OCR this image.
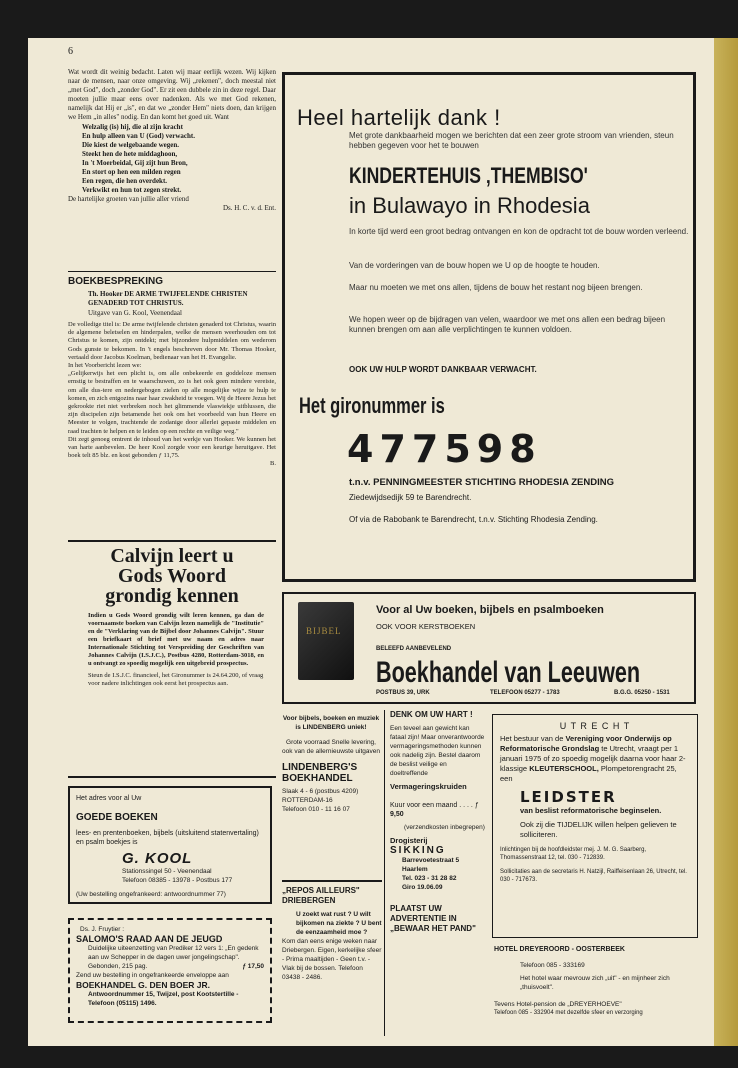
6
Wat wordt dit weinig bedacht. Laten wij maar eerlijk wezen. Wij kijken naar de mensen, naar onze omgeving. Wij „rekenen", doch meestal niet „met God", doch „zonder God". Er zit een dubbele zin in deze regel. Daar moeten jullie maar eens over nadenken. Als we met God rekenen, namelijk dat Hij er „is", en dat we „zonder Hem" niets doen, dan krijgen we Hem „in alles" nodig. En dan komt het goed uit. Want
Welzalig (is) hij, die al zijn kracht
En hulp alleen van U (God) verwacht.
Die kiest de welgebaande wegen.
Steekt hen de hete middaghoon,
In 't Moerbeidal, Gij zijt hun Bron,
En stort op hen een milden regen
Een regen, die hen overdekt.
Verkwikt en hun tot zegen strekt.
De hartelijke groeten van jullie aller vriend
Ds. H. C. v. d. Ent.
BOEKBESPREKING
Th. Hooker DE ARME TWIJFELENDE CHRISTEN GENADERD TOT CHRISTUS.
Uitgave van G. Kool, Veenendaal
De volledige titel is: De arme twijfelende christen genaderd tot Christus, waarin de algemene beletselen en hinderpalen, welke de mensen weerhouden om tot Christus te komen, zijn ontdekt; met bijzondere hulpmiddelen om wederom Gods gunste te bekomen. In 't engels beschreven door Mr. Thomas Hooker, vertaald door Jacobus Koelman, bedienaar van het H. Evangelie.
In het Voorbericht lezen we:
„Gelijkerwijs het een plicht is, om alle onbekeerde en goddeloze mensen ernstig te bestraffen en te waarschuwen, zo is het ook geen mindere vereiste, om alle dus-tere en nedergebogen zielen op alle mogelijke wijze te hulp te komen, en zich entgozins naar haar zwakheid te voegen. Wij de Heere Jezus het gekrookte riet niet verbreken noch het glimmende vlaswiekje uitblussen, die zijn discipelen zijn betamende het ook om het voorbeeld van hun Heere en Meester te volgen, trachtende de zodanige door allerlei gepaste middelen en raad trachten te helpen en te leiden op een rechte en veilige weg."
Dit zegt genoeg omtrent de inhoud van het werkje van Hooker. We kunnen het van harte aanbevelen. De heer Kool zorgde voor een keurige heruitgave. Het boek telt 85 blz. en kost gebonden ƒ 11,75.
B.
Calvijn leert u
Gods Woord
grondig kennen
Indien u Gods Woord grondig wilt leren kennen, ga dan de voornaamste boeken van Calvijn lezen namelijk de "Institutie" en de "Verklaring van de Bijbel door Johannes Calvijn". Stuur een briefkaart of brief met uw naam en adres naar Internationale Stichting tot Verspreiding der Geschriften van Johannes Calvijn (I.S.J.C.), Postbus 4280, Rotterdam-3018, en u ontvangt zo spoedig mogelijk een uitgebreid prospectus.
Steun de I.S.J.C. financieel, het Gironummer is 24.64.200, of vraag voor nadere inlichtingen ook eerst het prospectus aan.
Het adres voor al Uw
GOEDE BOEKEN
lees- en prentenboeken, bijbels (uitsluitend statenvertaling) en psalm boekjes is
G. KOOL
Stationssingel 50 - Veenendaal
Telefoon 08385 - 13978 - Postbus 177
(Uw bestelling ongefrankeerd: antwoordnummer 77)
Ds. J. Fruytier :
SALOMO'S RAAD AAN DE JEUGD
Duidelijke uiteenzetting van Prediker 12 vers 1: „En gedenk aan uw Schepper in de dagen uwer jongelingschap".
Gebonden, 215 pag.	ƒ 17,50
Zend uw bestelling in ongefrankeerde enveloppe aan
BOEKHANDEL G. DEN BOER JR.
Antwoordnummer 15, Twijzel, post Kootstertille - Telefoon (05115) 1496.
Heel hartelijk dank !
Met grote dankbaarheid mogen we berichten dat een zeer grote stroom van vrienden, steun hebben gegeven voor het te bouwen
KINDERTEHUIS ‚THEMBISO'
in Bulawayo in Rhodesia
In korte tijd werd een groot bedrag ontvangen en kon de opdracht tot de bouw worden verleend.
Van de vorderingen van de bouw hopen we U op de hoogte te houden.
Maar nu moeten we met ons allen, tijdens de bouw het restant nog bijeen brengen.
We hopen weer op de bijdragen van velen, waardoor we met ons allen een bedrag bijeen kunnen brengen om aan alle verplichtingen te kunnen voldoen.
OOK UW HULP WORDT DANKBAAR VERWACHT.
Het gironummer is
477598
t.n.v. PENNINGMEESTER STICHTING RHODESIA ZENDING
Ziedewijdsedijk 59 te Barendrecht.
Of via de Rabobank te Barendrecht, t.n.v. Stichting Rhodesia Zending.
BIJBEL
Voor al Uw boeken, bijbels en psalmboeken
OOK VOOR KERSTBOEKEN
BELEEFD AANBEVELEND
Boekhandel van Leeuwen
POSTBUS 39, URK	TELEFOON 05277 - 1783	B.G.G. 05250 - 1531
Voor bijbels, boeken en muziek is LINDENBERG uniek!
Grote voorraad Snelle levering, ook van de allernieuwste uitgaven
LINDENBERG'S BOEKHANDEL
Slaak 4 - 6 (postbus 4209)
ROTTERDAM-16
Telefoon 010 - 11 16 07
„REPOS AILLEURS" DRIEBERGEN
U zoekt wat rust ? U wilt bijkomen na ziekte ? U bent de eenzaamheid moe ?
Kom dan eens enige weken naar Driebergen. Eigen, kerkelijke sfeer - Prima maaltijden - Geen t.v. - Vlak bij de bossen. Telefoon 03438 - 2486.
DENK OM UW HART !
Een teveel aan gewicht kan fataal zijn! Maar onverantwoorde vermageringsmethoden kunnen ook nadelig zijn. Bestel daarom de beslist veilige en doeltreffende
Vermageringskruiden
Kuur voor een maand . . . . ƒ 9,50
(verzendkosten inbegrepen)
Drogisterij
SIKKING
Barrevoetestraat 5
Haarlem
Tel. 023 - 31 28 82
Giro 19.06.09
PLAATST UW ADVERTENTIE IN „BEWAAR HET PAND"
U T R E C H T
Het bestuur van de Vereniging voor Onderwijs op Reformatorische Grondslag te Utrecht, vraagt per 1 januari 1975 of zo spoedig mogelijk daarna voor haar 2-klassige KLEUTERSCHOOL, Plompetorengracht 25, een
LEIDSTER
van beslist reformatorische beginselen.
Ook zij die TIJDELIJK willen helpen gelieven te solliciteren.
Inlichtingen bij de hoofdleidster mej. J. M. G. Saarberg, Thomassenstraat 12, tel. 030 - 712839.
Sollicitaties aan de secretaris H. Natzijl, Raiffeisenlaan 26, Utrecht, tel. 030 - 717673.
HOTEL DREYEROORD - OOSTERBEEK
Telefoon 085 - 333169
Het hotel waar mevrouw zich „uit" - en mijnheer zich „thuisvoelt".
Tevens Hotel-pension de „DREYERHOEVE"
Telefoon 085 - 332904 met dezelfde sfeer en verzorging
